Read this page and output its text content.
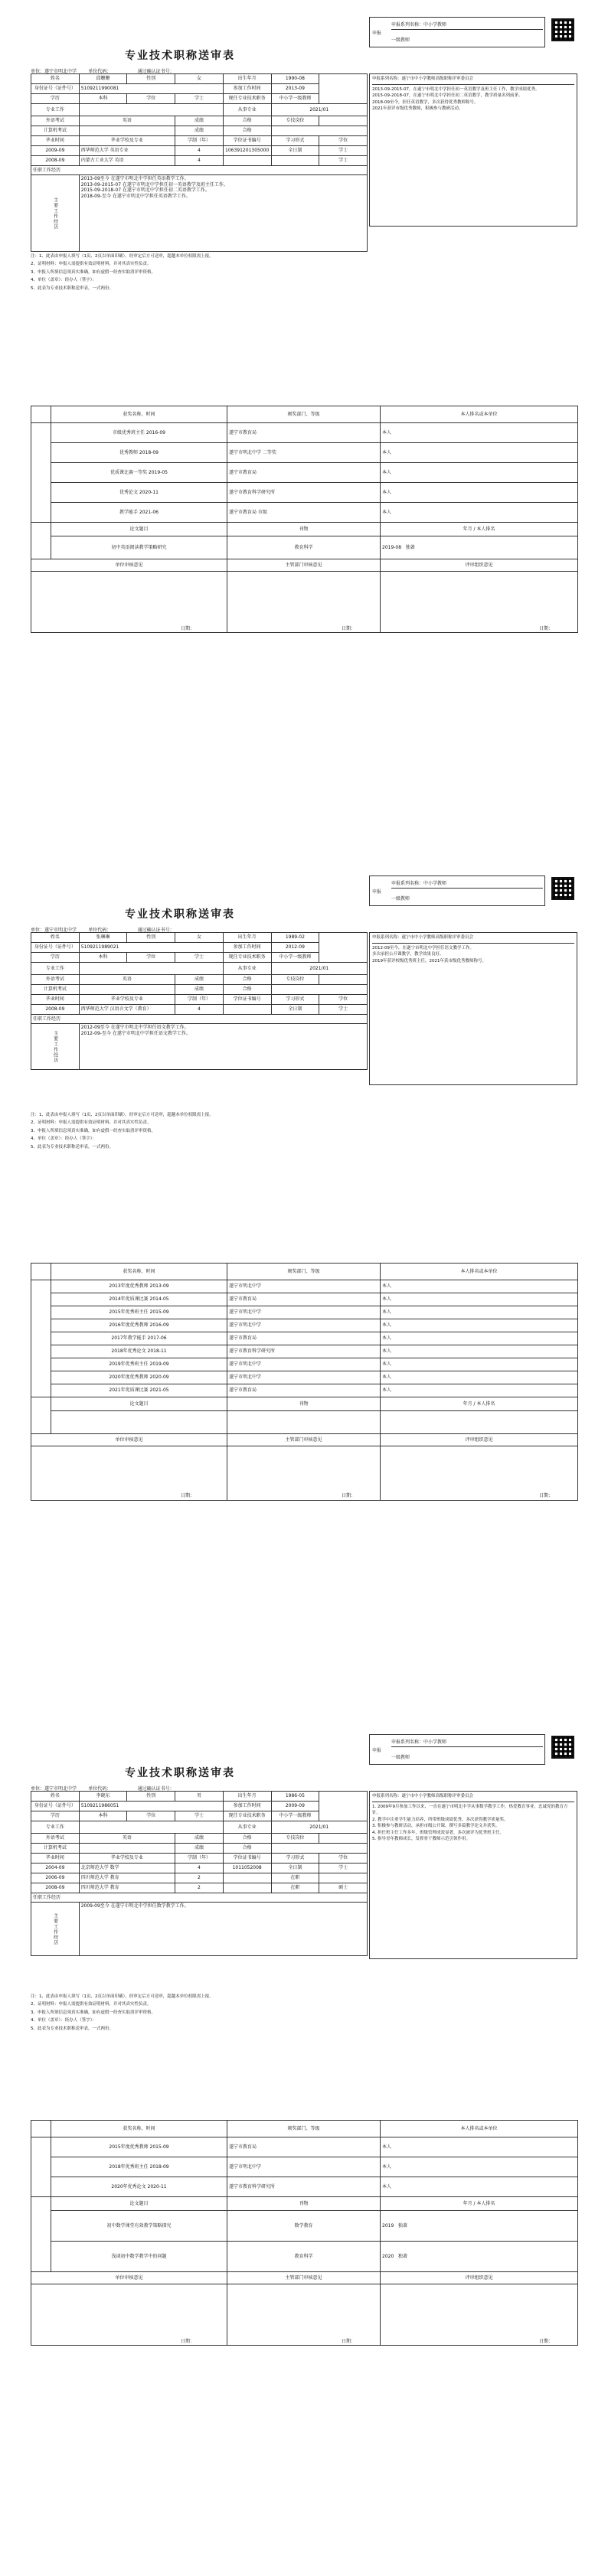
专业技术职称送审表
单位：遂宁市明北中学        单位代码：                  通过确认证书号：
申报
申报系列名称：中小学教师
一级教师
姓名	邱姗姗	性别	女	出生年月	1990-08	
身份证号（证件号）	5109211990081			参加工作时间	2013-09	
学历	本科	学位	学士	现任专业技术职务	中小学一级教师	
专业工作				从事专业	2021/01	
外语考试	英语		成绩	合格	专技岗位	
计算机考试			成绩	合格		
毕业时间	毕业学校及专业		学制（年）	学位证书编号	学习形式	学位
2009-09	西华师范大学 英语专业		4	106391201305000	全日制	学士
2008-09	内蒙古工业大学 英语		4			学士
任职工作经历						
主要工作经历	2013-09至今 在遂宁市明北中学担任英语教学工作。
2013-09-2015-07 在遂宁市明北中学担任初一英语教学及班主任工作。
2015-09-2018-07 在遂宁市明北中学担任初二英语教学工作。
2018-09-至今 在遂宁市明北中学担任英语教学工作。					
申报系列名称：遂宁市中小学教师高级职称评审委员会
2013-09-2015-07，在遂宁市明北中学担任初一英语教学及班主任工作，教学成绩优秀。
2015-09-2018-07，在遂宁市明北中学担任初二英语教学，教学质量名列前茅。
2018-09至今，担任英语教学，多次获得优秀教师称号。
2021年获评市级优秀教师，积极参与教研活动。
注：1、此表由申报人填写（1页、2页以单面印刷）。经审定后方可送审，超越本单位权限需上报。
2、证明材料：申报人需提供有效证明材料，并对其真实性负责。
3、申报人所填信息须真实准确，如有虚假一经查实取消评审资格。
4、单位（盖章）：经办人（签字）：
5、此表为专业技术职称送审表，一式两份。
	获奖名称、时间	颁奖部门、等级	本人排名或本单位
	市级优秀班主任 2016-09	遂宁市教育局	本人
	优秀教师 2018-09	遂宁市明北中学 二等奖	本人
	优质课比赛一等奖 2019-05	遂宁市教育局	本人
	优秀论文 2020-11	遂宁市教育科学研究所	本人
	教学能手 2021-06	遂宁市教育局 市级	本人
	论文题目	刊物	年月 / 本人排名
	初中英语阅读教学策略研究	教育科学	2019-08   独著
单位审核意见		主管部门审核意见	评审组织意见

日期：		日期：	日期：
专业技术职称送审表
单位：遂宁市明北中学        单位代码：                  通过确认证书号：
申报
申报系列名称：中小学教师
一级教师
姓名	张琳琳	性别	女	出生年月	1989-02	
身份证号（证件号）	5109211989021			参加工作时间	2012-09	
学历	本科	学位	学士	现任专业技术职务	中小学一级教师	
专业工作				从事专业	2021/01	
外语考试	英语		成绩	合格	专技岗位	
计算机考试			成绩	合格		
毕业时间	毕业学校及专业		学制（年）	学位证书编号	学习形式	学位
2008-09	西华师范大学 汉语言文学（教育）		4		全日制	学士
任职工作经历						
主要工作经历	2012-09至今 在遂宁市明北中学担任语文教学工作。
2012-09-至今 在遂宁市明北中学担任语文教学工作。					
申报系列名称：遂宁市中小学教师高级职称评审委员会
2012-09至今，在遂宁市明北中学担任语文教学工作。
多次承担公开课教学，教学效果良好。
2019年获评校级优秀班主任，2021年获市级优秀教师称号。
注：1、此表由申报人填写（1页、2页以单面印刷）。经审定后方可送审，超越本单位权限需上报。
2、证明材料：申报人需提供有效证明材料，并对其真实性负责。
3、申报人所填信息须真实准确，如有虚假一经查实取消评审资格。
4、单位（盖章）：经办人（签字）：
5、此表为专业技术职称送审表，一式两份。
	获奖名称、时间	颁奖部门、等级	本人排名或本单位
	2013年度优秀教师 2013-09	遂宁市明北中学	本人
	2014年优质课比赛 2014-05	遂宁市教育局	本人
	2015年优秀班主任 2015-09	遂宁市明北中学	本人
	2016年度优秀教师 2016-09	遂宁市明北中学	本人
	2017年教学能手 2017-06	遂宁市教育局	本人
	2018年优秀论文 2018-11	遂宁市教育科学研究所	本人
	2019年优秀班主任 2019-09	遂宁市明北中学	本人
	2020年度优秀教师 2020-09	遂宁市明北中学	本人
	2021年优质课比赛 2021-05	遂宁市教育局	本人
	论文题目	刊物	年月 / 本人排名

单位审核意见		主管部门审核意见	评审组织意见

日期：		日期：	日期：
专业技术职称送审表
单位：遂宁市明北中学        单位代码：                  通过确认证书号：
申报
申报系列名称：中小学教师
一级教师
姓名	李晓东	性别	男	出生年月	1986-05	
身份证号（证件号）	5109211986051			参加工作时间	2009-09	
学历	本科	学位	学士	现任专业技术职务	中小学一级教师	
专业工作				从事专业	2021/01	
外语考试	英语		成绩	合格	专技岗位	
计算机考试			成绩	合格		
毕业时间	毕业学校及专业		学制（年）	学位证书编号	学习形式	学位
2004-09	北京师范大学 数学		4	1011052008	全日制	学士
2006-09	四川师范大学 教育		2		在职	
2008-09	四川师范大学 教育		2		在职	硕士
任职工作经历						
主要工作经历	2009-09至今 在遂宁市明北中学担任数学教学工作。					
申报系列名称：遂宁市中小学教师高级职称评审委员会
1. 2009年9月参加工作以来，一直在遂宁市明北中学从事数学教学工作，热爱教育事业，忠诚党的教育方针。
2. 教学中注重学生能力培养，所带班级成绩优秀，多次获得教学质量奖。
3. 积极参与教研活动，承担市级公开课，撰写多篇教学论文并获奖。
4. 担任班主任工作多年，班级管理成效显著，多次被评为优秀班主任。
5. 指导青年教师成长，发挥骨干教师示范引领作用。
注：1、此表由申报人填写（1页、2页以单面印刷）。经审定后方可送审，超越本单位权限需上报。
2、证明材料：申报人需提供有效证明材料，并对其真实性负责。
3、申报人所填信息须真实准确，如有虚假一经查实取消评审资格。
4、单位（盖章）：经办人（签字）：
5、此表为专业技术职称送审表，一式两份。
	获奖名称、时间	颁奖部门、等级	本人排名或本单位
	2015年度优秀教师 2015-09	遂宁市教育局	本人
	2018年优秀班主任 2018-09	遂宁市明北中学	本人
	2020年优秀论文 2020-11	遂宁市教育科学研究所	本人
	论文题目	刊物	年月 / 本人排名
	初中数学课堂有效教学策略探究	数学教育	2019   独著
	浅谈初中数学教学中的问题	教育科学	2020   独著
单位审核意见		主管部门审核意见	评审组织意见

日期：		日期：	日期：
